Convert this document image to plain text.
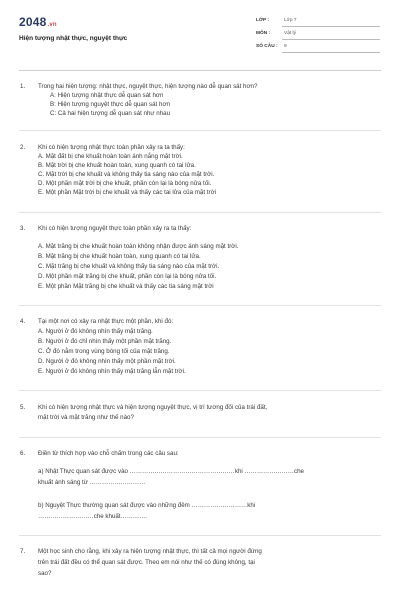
2048.vn
Hiện tượng nhật thực, nguyệt thực
LỚP :	Lớp 7
MÔN :	Vật lý
SỐ CÂU : 9
1. Trong hai hiện tượng: nhật thực, nguyệt thực, hiện tượng nào dễ quan sát hơn?
A: Hiện tượng nhật thực dễ quan sát hơn
B: Hiện tượng nguyệt thực dễ quan sát hơn
C: Cả hai hiện tượng dễ quan sát như nhau
2. Khi có hiện tượng nhật thực toàn phần xảy ra ta thấy:
A. Mặt đất bị che khuất hoàn toàn ánh nắng mặt trời.
B. Mặt trời bị che khuất hoàn toàn, xung quanh có tai lửa.
C. Mặt trời bị che khuất và không thấy tia sáng nào của mặt trời.
D. Một phần mặt trời bị che khuất, phần còn lại là bóng nửa tối.
E. Một phần Mặt trời bị che khuất và thấy các tai lửa của mặt trời
3. Khi có hiện tượng nguyệt thực toàn phần xảy ra ta thấy:
A. Mặt trăng bị che khuất hoàn toàn không nhận được ánh sáng mặt trời.
B. Mặt trăng bị che khuất hoàn toàn, xung quanh có tai lửa.
C. Mặt trăng bị che khuất và không thấy tia sáng nào của mặt trời.
D. Một phần mặt trăng bị che khuất, phần còn lại là bóng nửa tối.
E. Một phần Mặt trăng bị che khuất và thấy các tia sáng mặt trời
4. Tại một nơi có xảy ra nhật thực một phần, khi đó:
A. Người ở đó không nhìn thấy mặt trăng.
B. Người ở đó chỉ nhìn thấy một phần mặt trăng.
C. Ở đó nằm trong vùng bóng tối của mặt trăng.
D. Người ở đó không nhìn thấy một phần mặt trời.
E. Người ở đó không nhìn thấy mặt trăng lẫn mặt trời.
5. Khi có hiện tượng nhật thực và hiện tượng nguyệt thực, vị trí tương đối của trái đất,
mặt trời và mặt trăng như thế nào?
6. Điền từ thích hợp vào chỗ chấm trong các câu sau:
a) Nhật Thực quan sát được vào ……………………………………………khi ……………………che
khuất ánh sáng từ ………………………
b) Nguyệt Thực thường quan sát được vào những đêm ………………………khi
………………………che khuất………….
7. Một học sinh cho rằng, khi xảy ra hiện tượng nhật thực, thì tất cả mọi người đứng
trên trái đất đều có thể quan sát được. Theo em nói như thế có đúng không, tại
sao?
